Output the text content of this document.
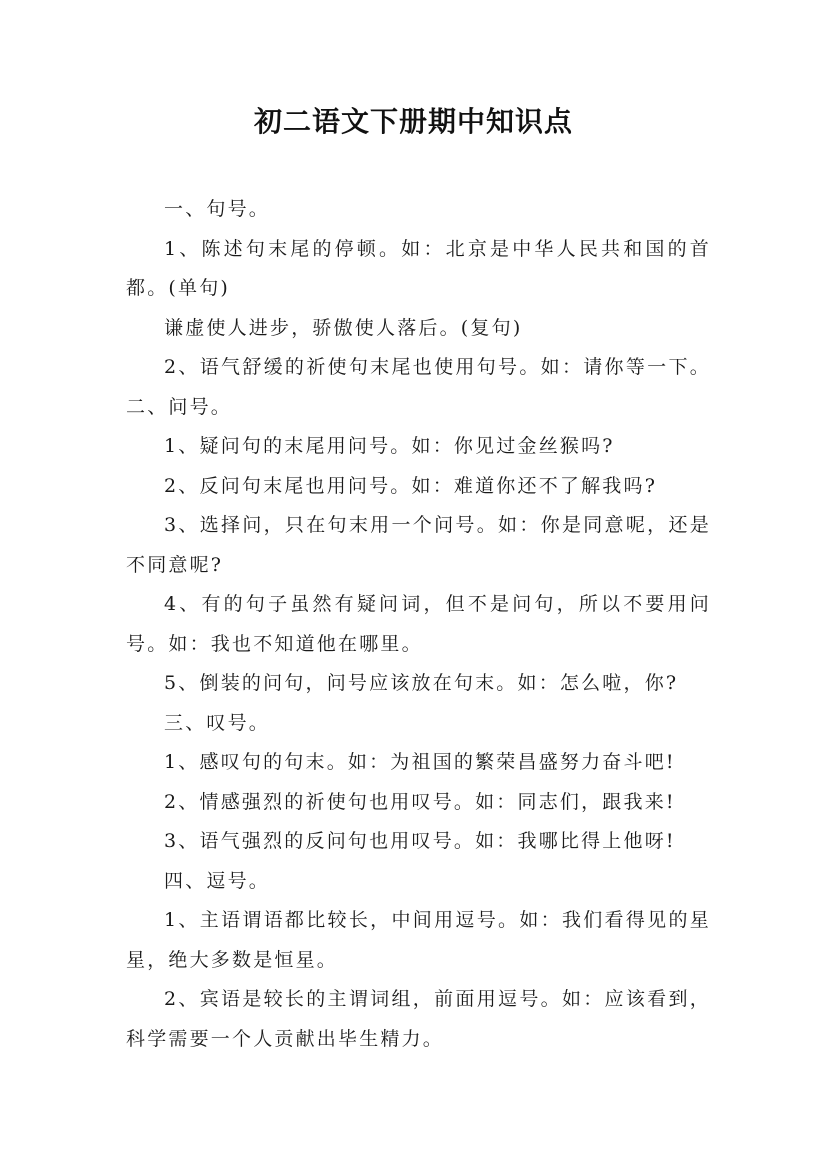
初二语文下册期中知识点

一、句号。

1、陈述句末尾的停顿。如：北京是中华人民共和国的首都。(单句)

谦虚使人进步，骄傲使人落后。(复句)

2、语气舒缓的祈使句末尾也使用句号。如：请你等一下。二、问号。

1、疑问句的末尾用问号。如：你见过金丝猴吗?

2、反问句末尾也用问号。如：难道你还不了解我吗?

3、选择问，只在句末用一个问号。如：你是同意呢，还是不同意呢?

4、有的句子虽然有疑问词，但不是问句，所以不要用问号。如：我也不知道他在哪里。

5、倒装的问句，问号应该放在句末。如：怎么啦，你?

三、叹号。

1、感叹句的句末。如：为祖国的繁荣昌盛努力奋斗吧!

2、情感强烈的祈使句也用叹号。如：同志们，跟我来!

3、语气强烈的反问句也用叹号。如：我哪比得上他呀!

四、逗号。

1、主语谓语都比较长，中间用逗号。如：我们看得见的星星，绝大多数是恒星。

2、宾语是较长的主谓词组，前面用逗号。如：应该看到，科学需要一个人贡献出毕生精力。
